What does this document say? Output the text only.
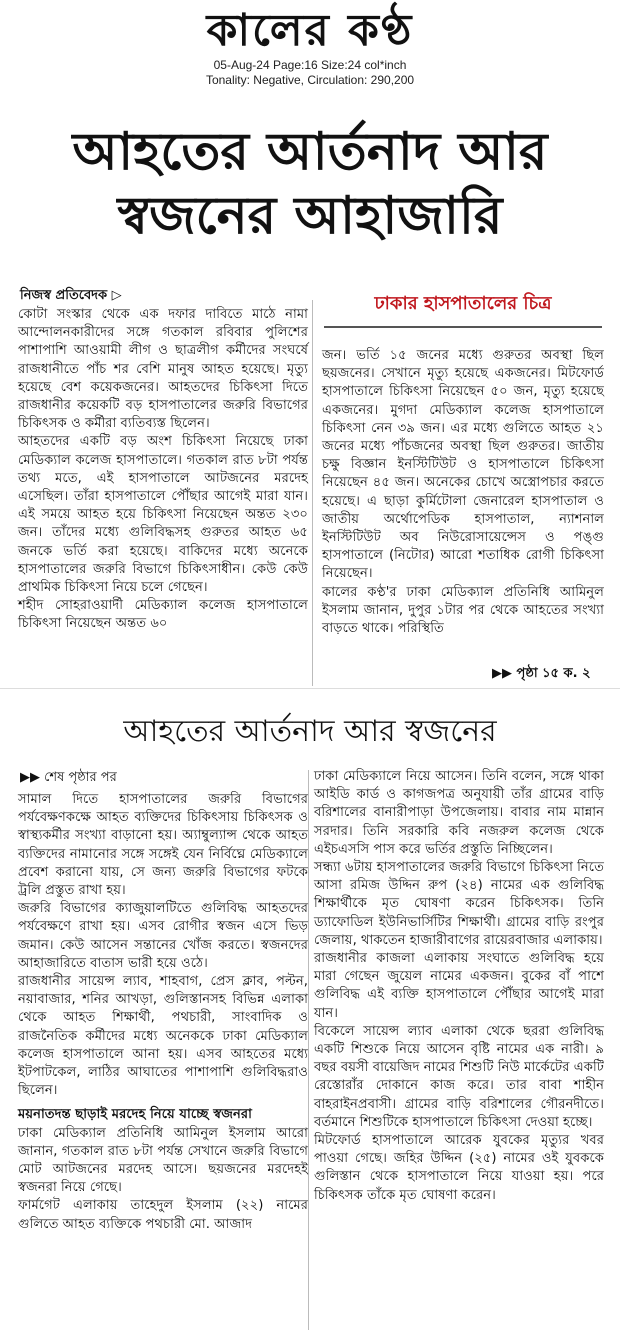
কালের কণ্ঠ
05-Aug-24 Page:16 Size:24 col*inch
Tonality: Negative, Circulation: 290,200
আহতের আর্তনাদ আর
স্বজনের আহাজারি
নিজস্ব প্রতিবেদক ▷	ঢাকার হাসপাতালের চিত্র

কোটা সংস্কার থেকে এক দফার দাবিতে মাঠে নামা আন্দোলনকারীদের সঙ্গে গতকাল রবিবার পুলিশের পাশাপাশি আওয়ামী লীগ ও ছাত্রলীগ কর্মীদের সংঘর্ষে রাজধানীতে পাঁচ শর বেশি মানুষ আহত হয়েছে। মৃত্যু হয়েছে বেশ কয়েকজনের। আহতদের চিকিৎসা দিতে রাজধানীর কয়েকটি বড় হাসপাতালের জরুরি বিভাগের চিকিৎসক ও কর্মীরা ব্যতিব্যস্ত ছিলেন।

আহতদের একটি বড় অংশ চিকিৎসা নিয়েছে ঢাকা মেডিক্যাল কলেজ হাসপাতালে। গতকাল রাত ৮টা পর্যন্ত তথ্য মতে, এই হাসপাতালে আটজনের মরদেহ এসেছিল। তাঁরা হাসপাতালে পৌঁছার আগেই মারা যান। এই সময়ে আহত হয়ে চিকিৎসা নিয়েছেন অন্তত ২৩০ জন। তাঁদের মধ্যে গুলিবিদ্ধসহ গুরুতর আহত ৬৫ জনকে ভর্তি করা হয়েছে। বাকিদের মধ্যে অনেকে হাসপাতালের জরুরি বিভাগে চিকিৎসাধীন। কেউ কেউ প্রাথমিক চিকিৎসা নিয়ে চলে গেছেন।

শহীদ সোহরাওয়ার্দী মেডিক্যাল কলেজ হাসপাতালে চিকিৎসা নিয়েছেন অন্তত ৬০

জন। ভর্তি ১৫ জনের মধ্যে গুরুতর অবস্থা ছিল ছয়জনের। সেখানে মৃত্যু হয়েছে একজনের। মিটফোর্ড হাসপাতালে চিকিৎসা নিয়েছেন ৫০ জন, মৃত্যু হয়েছে একজনের। মুগদা মেডিক্যাল কলেজ হাসপাতালে চিকিৎসা নেন ৩৯ জন। এর মধ্যে গুলিতে আহত ২১ জনের মধ্যে পাঁচজনের অবস্থা ছিল গুরুতর। জাতীয় চক্ষু বিজ্ঞান ইনস্টিটিউট ও হাসপাতালে চিকিৎসা নিয়েছেন ৪৫ জন। অনেকের চোখে অস্ত্রোপচার করতে হয়েছে। এ ছাড়া কুর্মিটোলা জেনারেল হাসপাতাল ও জাতীয় অর্থোপেডিক হাসপাতাল, ন্যাশনাল ইনস্টিটিউট অব নিউরোসায়েন্সেস ও পঙ্গু হাসপাতালে (নিটোর) আরো শতাধিক রোগী চিকিৎসা নিয়েছেন।

কালের কণ্ঠ'র ঢাকা মেডিক্যাল প্রতিনিধি আমিনুল ইসলাম জানান, দুপুর ১টার পর থেকে আহতের সংখ্যা বাড়তে থাকে। পরিস্থিতি

▶▶ পৃষ্ঠা ১৫ ক. ২
আহতের আর্তনাদ আর স্বজনের
▶▶ শেষ পৃষ্ঠার পর

সামাল দিতে হাসপাতালের জরুরি বিভাগের পর্যবেক্ষণকক্ষে আহত ব্যক্তিদের চিকিৎসায় চিকিৎসক ও স্বাস্থ্যকর্মীর সংখ্যা বাড়ানো হয়। অ্যাম্বুল্যান্স থেকে আহত ব্যক্তিদের নামানোর সঙ্গে সঙ্গেই যেন নির্বিঘ্নে মেডিক্যালে প্রবেশ করানো যায়, সে জন্য জরুরি বিভাগের ফটকে ট্রলি প্রস্তুত রাখা হয়।

জরুরি বিভাগের ক্যাজুয়ালটিতে গুলিবিদ্ধ আহতদের পর্যবেক্ষণে রাখা হয়। এসব রোগীর স্বজন এসে ভিড় জমান। কেউ আসেন সন্তানের খোঁজ করতে। স্বজনদের আহাজারিতে বাতাস ভারী হয়ে ওঠে।

রাজধানীর সায়েন্স ল্যাব, শাহবাগ, প্রেস ক্লাব, পল্টন, নয়াবাজার, শনির আখড়া, গুলিস্তানসহ বিভিন্ন এলাকা থেকে আহত শিক্ষার্থী, পথচারী, সাংবাদিক ও রাজনৈতিক কর্মীদের মধ্যে অনেককে ঢাকা মেডিক্যাল কলেজ হাসপাতালে আনা হয়। এসব আহতের মধ্যে ইটপাটকেল, লাঠির আঘাতের পাশাপাশি গুলিবিদ্ধরাও ছিলেন।

ময়নাতদন্ত ছাড়াই মরদেহ নিয়ে যাচ্ছে স্বজনরা

ঢাকা মেডিক্যাল প্রতিনিধি আমিনুল ইসলাম আরো জানান, গতকাল রাত ৮টা পর্যন্ত সেখানে জরুরি বিভাগে মোট আটজনের মরদেহ আসে। ছয়জনের মরদেহই স্বজনরা নিয়ে গেছে।

ফার্মগেট এলাকায় তাহেদুল ইসলাম (২২) নামের গুলিতে আহত ব্যক্তিকে পথচারী মো. আজাদ

ঢাকা মেডিক্যালে নিয়ে আসেন। তিনি বলেন, সঙ্গে থাকা আইডি কার্ড ও কাগজপত্র অনুযায়ী তাঁর গ্রামের বাড়ি বরিশালের বানারীপাড়া উপজেলায়। বাবার নাম মান্নান সরদার। তিনি সরকারি কবি নজরুল কলেজ থেকে এইচএসসি পাস করে ভর্তির প্রস্তুতি নিচ্ছিলেন।

সন্ধ্যা ৬টায় হাসপাতালের জরুরি বিভাগে চিকিৎসা নিতে আসা রমিজ উদ্দিন রুপ (২৪) নামের এক গুলিবিদ্ধ শিক্ষার্থীকে মৃত ঘোষণা করেন চিকিৎসক। তিনি ড্যাফোডিল ইউনিভার্সিটির শিক্ষার্থী। গ্রামের বাড়ি রংপুর জেলায়, থাকতেন হাজারীবাগের রায়েরবাজার এলাকায়।

রাজধানীর কাজলা এলাকায় সংঘাতে গুলিবিদ্ধ হয়ে মারা গেছেন জুয়েল নামের একজন। বুকের বাঁ পাশে গুলিবিদ্ধ এই ব্যক্তি হাসপাতালে পৌঁছার আগেই মারা যান।

বিকেলে সায়েন্স ল্যাব এলাকা থেকে ছররা গুলিবিদ্ধ একটি শিশুকে নিয়ে আসেন বৃষ্টি নামের এক নারী। ৯ বছর বয়সী বায়েজিদ নামের শিশুটি নিউ মার্কেটের একটি রেস্তোরাঁর দোকানে কাজ করে। তার বাবা শাহীন বাহরাইনপ্রবাসী। গ্রামের বাড়ি বরিশালের গৌরনদীতে। বর্তমানে শিশুটিকে হাসপাতালে চিকিৎসা দেওয়া হচ্ছে।

মিটফোর্ড হাসপাতালে আরেক যুবকের মৃত্যুর খবর পাওয়া গেছে। জহির উদ্দিন (২৫) নামের ওই যুবককে গুলিস্তান থেকে হাসপাতালে নিয়ে যাওয়া হয়। পরে চিকিৎসক তাঁকে মৃত ঘোষণা করেন।
